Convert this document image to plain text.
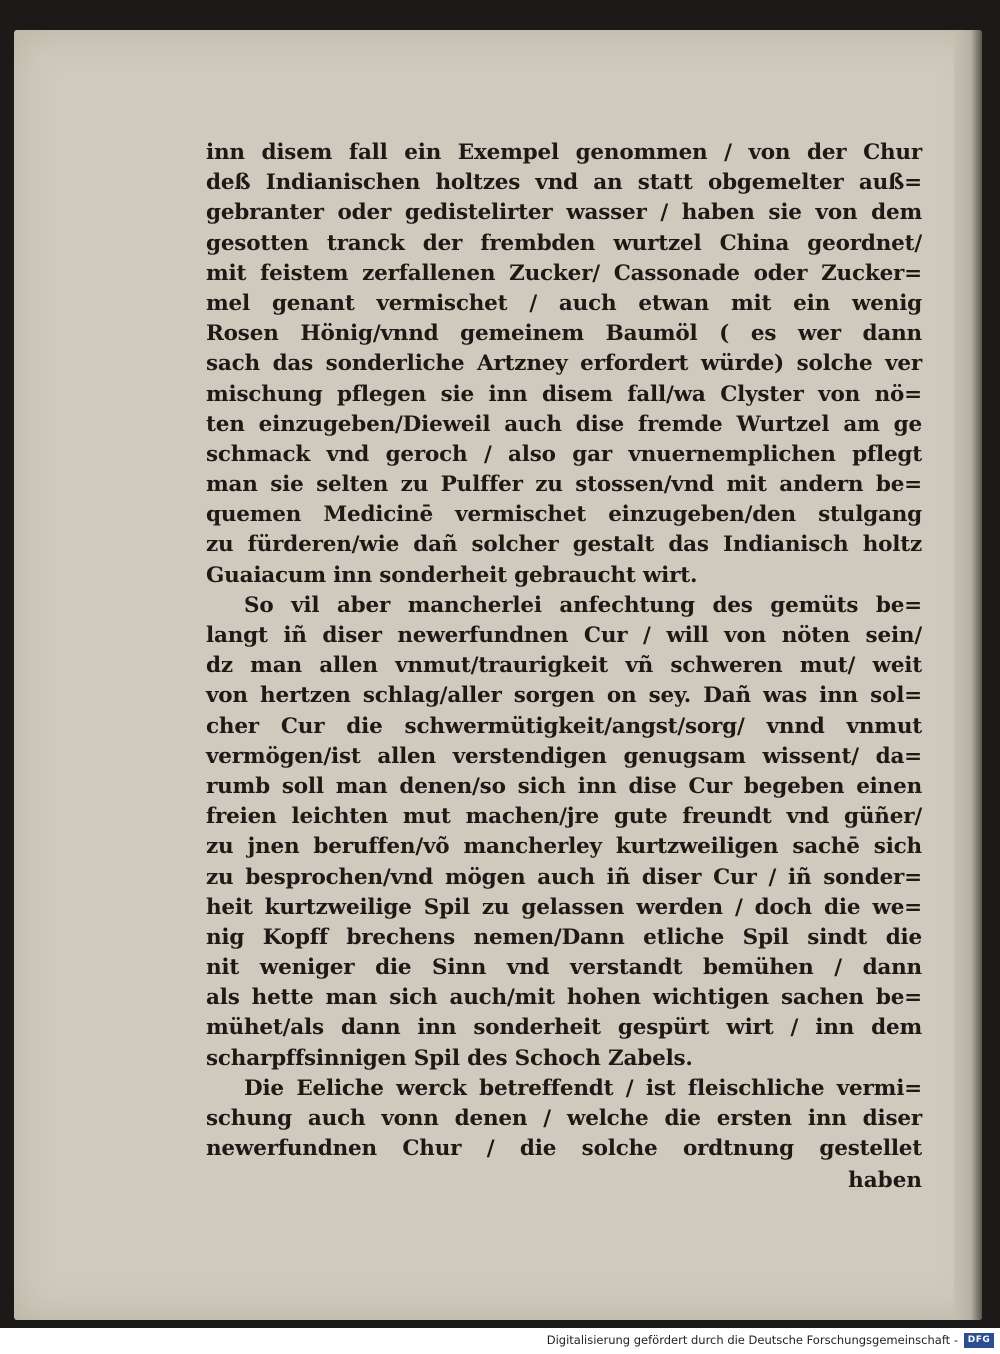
inn disem fall ein Exempel genommen / von der Chur
deß Indianischen holtzes vnd an statt obgemelter auß=
gebranter oder gedistelirter wasser / haben sie von dem
gesotten tranck der frembden wurtzel China geordnet/
mit feistem zerfallenen Zucker/ Cassonade oder Zucker=
mel genant vermischet / auch etwan mit ein wenig
Rosen Hönig/vnnd gemeinem Baumöl ( es wer dann
sach das sonderliche Artzney erfordert würde) solche ver
mischung pflegen sie inn disem fall/wa Clyster von nö=
ten einzugeben/Dieweil auch dise fremde Wurtzel am ge
schmack vnd geroch / also gar vnuernemplichen pflegt
man sie selten zu Pulffer zu stossen/vnd mit andern be=
quemen Medicinē vermischet einzugeben/den stulgang
zu fürderen/wie dañ solcher gestalt das Indianisch holtz
Guaiacum inn sonderheit gebraucht wirt.
So vil aber mancherlei anfechtung des gemüts be=
langt iñ diser newerfundnen Cur / will von nöten sein/
dz man allen vnmut/traurigkeit vñ schweren mut/ weit
von hertzen schlag/aller sorgen on sey. Dañ was inn sol=
cher Cur die schwermütigkeit/angst/sorg/ vnnd vnmut
vermögen/ist allen verstendigen genugsam wissent/ da=
rumb soll man denen/so sich inn dise Cur begeben einen
freien leichten mut machen/jre gute freundt vnd güñer/
zu jnen beruffen/võ mancherley kurtzweiligen sachē sich
zu besprochen/vnd mögen auch iñ diser Cur / iñ sonder=
heit kurtzweilige Spil zu gelassen werden / doch die we=
nig Kopff brechens nemen/Dann etliche Spil sindt die
nit weniger die Sinn vnd verstandt bemühen / dann
als hette man sich auch/mit hohen wichtigen sachen be=
mühet/als dann inn sonderheit gespürt wirt / inn dem
scharpffsinnigen Spil des Schoch Zabels.
Die Eeliche werck betreffendt / ist fleischliche vermi=
schung auch vonn denen / welche die ersten inn diser
newerfundnen Chur / die solche ordtnung gestellet
haben
Digitalisierung gefördert durch die Deutsche Forschungsgemeinschaft -	DFG
